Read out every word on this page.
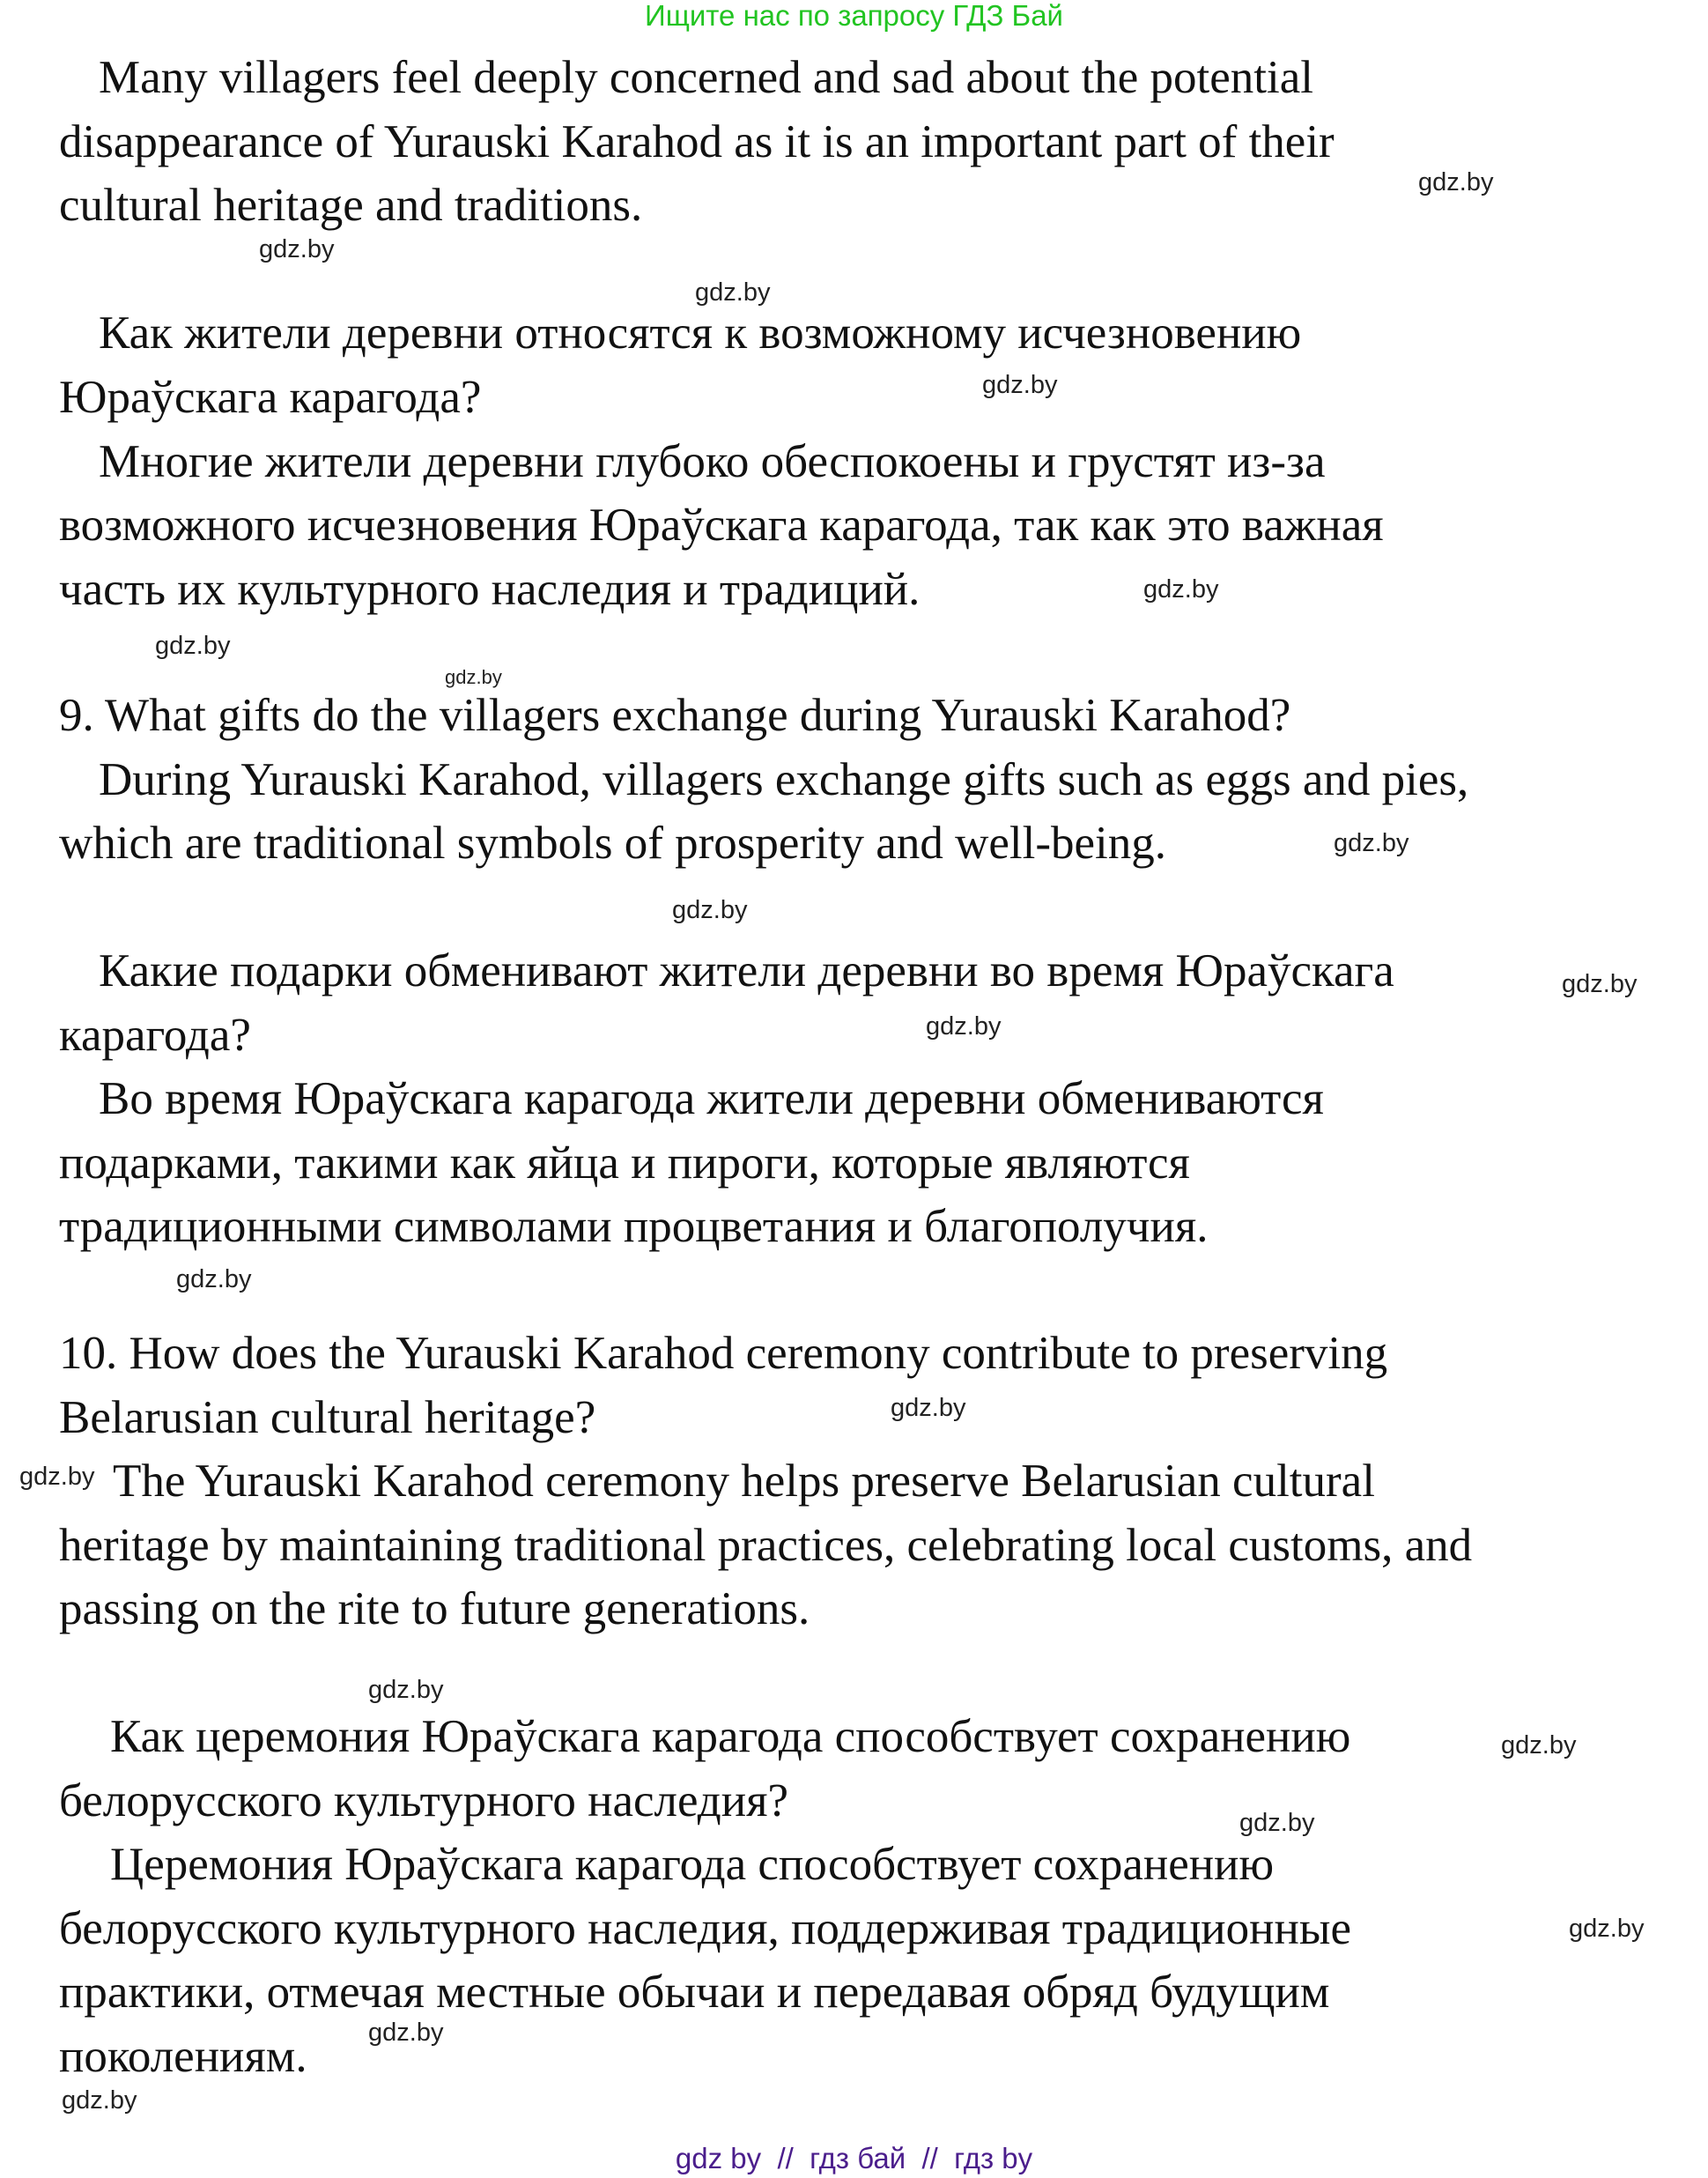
Ищите нас по запросу ГДЗ Бай
Many villagers feel deeply concerned and sad about the potential
disappearance of Yurauski Karahod as it is an important part of their
cultural heritage and traditions.
Как жители деревни относятся к возможному исчезновению
Юраўскага карагода?
Многие жители деревни глубоко обеспокоены и грустят из-за
возможного исчезновения Юраўскага карагода, так как это важная
часть их культурного наследия и традиций.
9. What gifts do the villagers exchange during Yurauski Karahod?
During Yurauski Karahod, villagers exchange gifts such as eggs and pies,
which are traditional symbols of prosperity and well-being.
Какие подарки обменивают жители деревни во время Юраўскага
карагода?
Во время Юраўскага карагода жители деревни обмениваются
подарками, такими как яйца и пироги, которые являются
традиционными символами процветания и благополучия.
10. How does the Yurauski Karahod ceremony contribute to preserving
Belarusian cultural heritage?
The Yurauski Karahod ceremony helps preserve Belarusian cultural
heritage by maintaining traditional practices, celebrating local customs, and
passing on the rite to future generations.
Как церемония Юраўскага карагода способствует сохранению
белорусского культурного наследия?
Церемония Юраўскага карагода способствует сохранению
белорусского культурного наследия, поддерживая традиционные
практики, отмечая местные обычаи и передавая обряд будущим
поколениям.
gdz.by
gdz.by
gdz.by
gdz.by
gdz.by
gdz.by
gdz.by
gdz.by
gdz.by
gdz.by
gdz.by
gdz.by
gdz.by
gdz.by
gdz.by
gdz.by
gdz.by
gdz.by
gdz.by
gdz.by
gdz by  //  гдз бай  //  гдз by
